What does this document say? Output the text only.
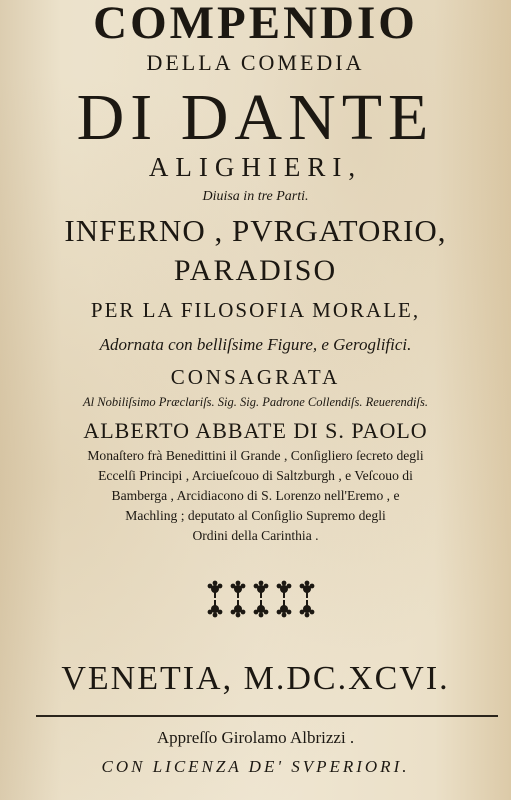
COMPENDIO
DELLA COMEDIA
DI DANTE
ALIGHIERI,
Diuisa in tre Parti.
INFERNO , PVRGATORIO,
PARADISO
PER LA FILOSOFIA MORALE,
Adornata con belliſsime Figure, e Geroglifici.
CONSAGRATA
Al Nobiliſsimo Præclariſs. Sig. Sig. Padrone Collendiſs. Reuerendiſs.
ALBERTO ABBATE DI S. PAOLO
Monaſtero frà Benedittini il Grande , Conſigliero ſecreto degli
Eccelſi Principi , Arciueſcouo di Saltzburgh , e Veſcouo di
Bamberga , Arcidiacono di S. Lorenzo nell'Eremo , e
Machling ; deputato al Conſiglio Supremo degli
Ordini della Carinthia .
VENETIA, M.DC.XCVI.
Appreſſo Girolamo Albrizzi .
CON LICENZA DE' SVPERIORI.
